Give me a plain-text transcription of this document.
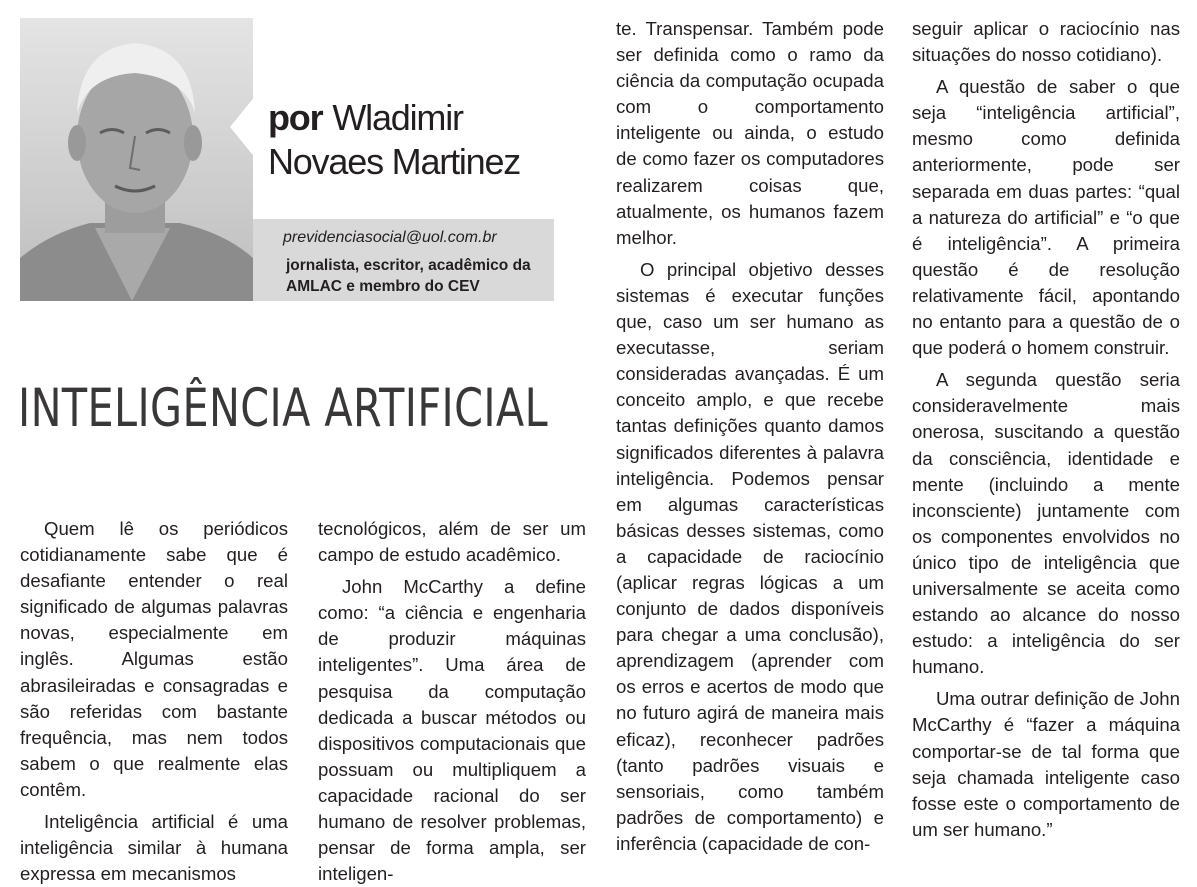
por Wladimir
Novaes Martinez
previdenciasocial@uol.com.br
jornalista, escritor, acadêmico da AMLAC e membro do CEV
INTELIGÊNCIA ARTIFICIAL

Quem lê os periódicos cotidianamente sabe que é desafiante entender o real significado de algumas palavras novas, especialmente em inglês. Algumas estão abrasileiradas e consagradas e são referidas com bastante frequência, mas nem todos sabem o que realmente elas contêm.

Inteligência artificial é uma inteligência similar à humana expressa em mecanismos

tecnológicos, além de ser um campo de estudo acadêmico.

John McCarthy a define como: “a ciência e engenharia de produzir máquinas inteligentes”. Uma área de pesquisa da computação dedicada a buscar métodos ou dispositivos computacionais que possuam ou multipliquem a capacidade racional do ser humano de resolver problemas, pensar de forma ampla, ser inteligen-

te. Transpensar. Também pode ser definida como o ramo da ciência da computação ocupada com o comportamento inteligente ou ainda, o estudo de como fazer os computadores realizarem coisas que, atualmente, os humanos fazem melhor.

O principal objetivo desses sistemas é executar funções que, caso um ser humano as executasse, seriam consideradas avançadas. É um conceito amplo, e que recebe tantas definições quanto damos significados diferentes à palavra inteligência. Podemos pensar em algumas características básicas desses sistemas, como a capacidade de raciocínio (aplicar regras lógicas a um conjunto de dados disponíveis para chegar a uma conclusão), aprendizagem (aprender com os erros e acertos de modo que no futuro agirá de maneira mais eficaz), reconhecer padrões (tanto padrões visuais e sensoriais, como também padrões de comportamento) e inferência (capacidade de con-

seguir aplicar o raciocínio nas situações do nosso cotidiano).

A questão de saber o que seja “inteligência artificial”, mesmo como definida anteriormente, pode ser separada em duas partes: “qual a natureza do artificial” e “o que é inteligência”. A primeira questão é de resolução relativamente fácil, apontando no entanto para a questão de o que poderá o homem construir.

A segunda questão seria consideravelmente mais onerosa, suscitando a questão da consciência, identidade e mente (incluindo a mente inconsciente) juntamente com os componentes envolvidos no único tipo de inteligência que universalmente se aceita como estando ao alcance do nosso estudo: a inteligência do ser humano.

Uma outrar definição de John McCarthy é “fazer a máquina comportar-se de tal forma que seja chamada inteligente caso fosse este o comportamento de um ser humano.”
